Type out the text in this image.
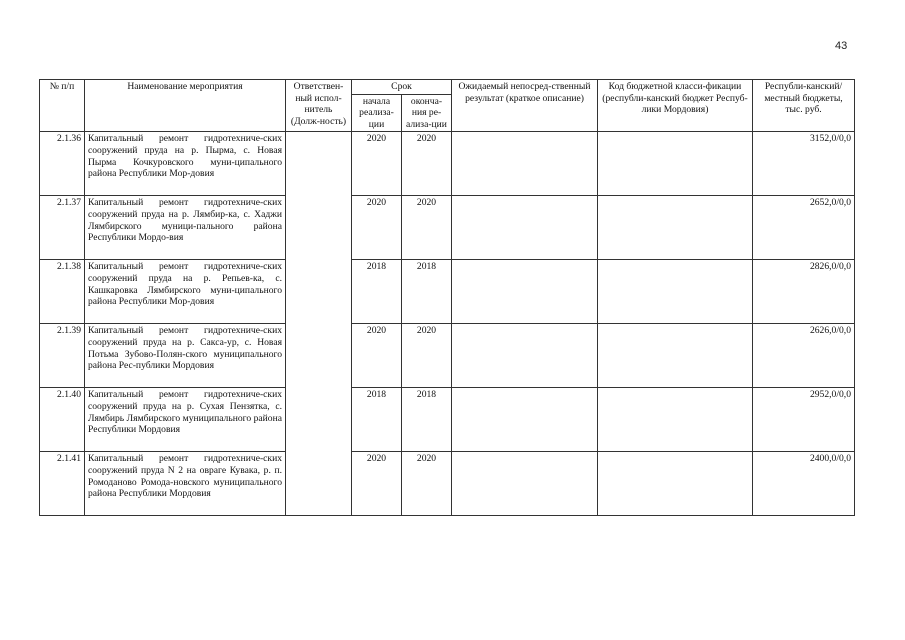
43
№ п/п	Наименование мероприятия	Ответствен-ный испол-нитель (Долж-ность)	Срок		Ожидаемый непосред-ственный результат (краткое описание)	Код бюджетной класси-фикации (республи-канский бюджет Респуб-лики Мордовия)	Республи-канский/местный бюджеты, тыс. руб.
			начала реализа-ции	оконча-ния ре-ализа-ции			
2.1.36	Капитальный ремонт гидротехниче-ских сооружений пруда на р. Пырма, с. Новая Пырма Кочкуровского муни-ципального района Республики Мор-довия		2020	2020			3152,0/0,0
2.1.37	Капитальный ремонт гидротехниче-ских сооружений пруда на р. Лямбир-ка, с. Хаджи Лямбирского муници-пального района Республики Мордо-вия		2020	2020			2652,0/0,0
2.1.38	Капитальный ремонт гидротехниче-ских сооружений пруда на р. Репьев-ка, с. Кашкаровка Лямбирского муни-ципального района Республики Мор-довия		2018	2018			2826,0/0,0
2.1.39	Капитальный ремонт гидротехниче-ских сооружений пруда на р. Сакса-ур, с. Новая Потьма Зубово-Полян-ского муниципального района Рес-публики Мордовия		2020	2020			2626,0/0,0
2.1.40	Капитальный ремонт гидротехниче-ских сооружений пруда на р. Сухая Пензятка, с. Лямбирь Лямбирского муниципального района Республики Мордовия		2018	2018			2952,0/0,0
2.1.41	Капитальный ремонт гидротехниче-ских сооружений пруда N 2 на овраге Кувака, р. п. Ромоданово Ромода-новского муниципального района Республики Мордовия		2020	2020			2400,0/0,0
